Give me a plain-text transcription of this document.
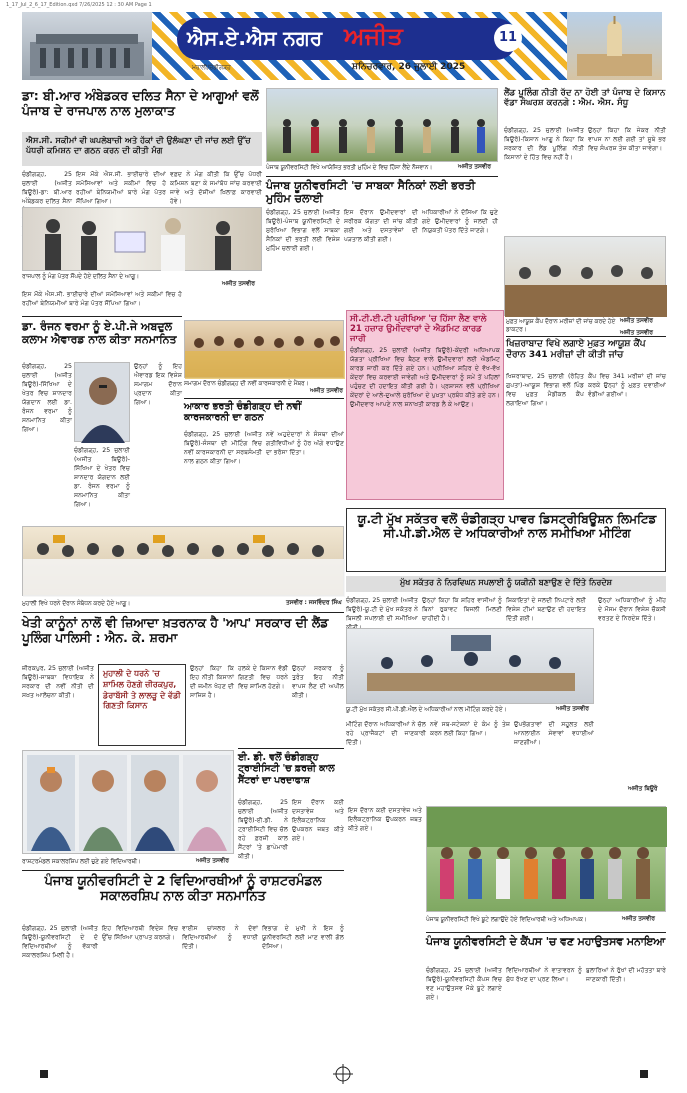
1_17_Jul_2_6_17_Edition.qxd 7/26/2025 12 : 30 AM Page 1
ਐਸ.ਏ.ਐਸ ਨਗਰ ਅਜੀਤ	11
ਮਹਾਲੀ/ਚੰਡੀਗੜ੍ਹ	ਸ਼ਨਿਚਰਵਾਰ, 26 ਜੁਲਾਈ 2025
ਡਾ: ਬੀ.ਆਰ ਅੰਬੇਡਕਰ ਦਲਿਤ ਸੈਨਾ ਦੇ ਆਗੂਆਂ ਵਲੋਂ ਪੰਜਾਬ ਦੇ ਰਾਜਪਾਲ ਨਾਲ ਮੁਲਾਕਾਤ
ਐਸ.ਸੀ. ਸਕੀਮਾਂ ਵੀ ਘਪਲੇਬਾਜ਼ੀ ਅਤੇ ਹੱਕਾਂ ਦੀ ਉਲੰਘਣਾ ਦੀ ਜਾਂਚ ਲਈ ਉੱਚ ਪੱਧਰੀ ਕਮਿਸ਼ਨ ਦਾ ਗਠਨ ਕਰਨ ਦੀ ਕੀਤੀ ਮੰਗ
ਚੰਡੀਗੜ੍ਹ, 25 ਜੁਲਾਈ (ਅਜੀਤ ਬਿਊਰੋ)-ਡਾ: ਬੀ.ਆਰ ਅੰਬੇਡਕਰ ਦਲਿਤ ਸੈਨਾ
ਇਸ ਮੌਕੇ ਐਸ.ਸੀ. ਭਾਈਚਾਰੇ ਦੀਆਂ ਸਮੱਸਿਆਵਾਂ ਅਤੇ ਸਕੀਮਾਂ ਵਿਚ ਹੋ ਰਹੀਆਂ ਬੇਨਿਯਮੀਆਂ ਬਾਰੇ ਮੰਗ ਪੱਤਰ ਸੌਂਪਿਆ ਗਿਆ।
ਵਫ਼ਦ ਨੇ ਮੰਗ ਕੀਤੀ ਕਿ ਉੱਚ ਪੱਧਰੀ ਕਮਿਸ਼ਨ ਬਣਾ ਕੇ ਸਮਾਂਬੱਧ ਜਾਂਚ ਕਰਵਾਈ ਜਾਵੇ ਅਤੇ ਦੋਸ਼ੀਆਂ ਖ਼ਿਲਾਫ਼ ਕਾਰਵਾਈ ਹੋਵੇ।
ਰਾਜਪਾਲ ਨੂੰ ਮੰਗ ਪੱਤਰ ਸੌਂਪਦੇ ਹੋਏ ਦਲਿਤ ਸੈਨਾ ਦੇ ਆਗੂ।
ਅਜੀਤ ਤਸਵੀਰ
ਇਸ ਮੌਕੇ ਐਸ.ਸੀ. ਭਾਈਚਾਰੇ ਦੀਆਂ ਸਮੱਸਿਆਵਾਂ ਅਤੇ ਸਕੀਮਾਂ ਵਿਚ ਹੋ ਰਹੀਆਂ ਬੇਨਿਯਮੀਆਂ ਬਾਰੇ ਮੰਗ ਪੱਤਰ ਸੌਂਪਿਆ ਗਿਆ।
ਡਾ. ਰੰਜਨ ਵਰਮਾ ਨੂੰ ਏ.ਪੀ.ਜੇ ਅਬਦੁਲ ਕਲਾਮ ਐਵਾਰਡ ਨਾਲ ਕੀਤਾ ਸਨਮਾਨਿਤ
ਚੰਡੀਗੜ੍ਹ, 25 ਜੁਲਾਈ (ਅਜੀਤ ਬਿਊਰੋ)-ਸਿੱਖਿਆ ਦੇ ਖੇਤਰ ਵਿਚ ਸ਼ਾਨਦਾਰ ਯੋਗਦਾਨ ਲਈ ਡਾ. ਰੰਜਨ ਵਰਮਾ ਨੂੰ ਸਨਮਾਨਿਤ ਕੀਤਾ ਗਿਆ।
ਉਨ੍ਹਾਂ ਨੂੰ ਇਹ ਐਵਾਰਡ ਇਕ ਵਿਸ਼ੇਸ਼ ਸਮਾਗਮ ਦੌਰਾਨ ਪ੍ਰਦਾਨ ਕੀਤਾ ਗਿਆ।
ਚੰਡੀਗੜ੍ਹ, 25 ਜੁਲਾਈ (ਅਜੀਤ ਬਿਊਰੋ)-ਸਿੱਖਿਆ ਦੇ ਖੇਤਰ ਵਿਚ ਸ਼ਾਨਦਾਰ ਯੋਗਦਾਨ ਲਈ ਡਾ. ਰੰਜਨ ਵਰਮਾ ਨੂੰ ਸਨਮਾਨਿਤ ਕੀਤਾ ਗਿਆ।
ਪੰਜਾਬ ਯੂਨੀਵਰਸਿਟੀ ਵਿਖੇ ਆਯੋਜਿਤ ਭਰਤੀ ਮੁਹਿੰਮ ਦੇ ਵਿਚ ਹਿੱਸਾ ਲੈਂਦੇ ਨੌਜਵਾਨ।	ਅਜੀਤ ਤਸਵੀਰ
ਪੰਜਾਬ ਯੂਨੀਵਰਸਿਟੀ 'ਚ ਸਾਬਕਾ ਸੈਨਿਕਾਂ ਲਈ ਭਰਤੀ ਮੁਹਿੰਮ ਚਲਾਈ
ਚੰਡੀਗੜ੍ਹ, 25 ਜੁਲਾਈ (ਅਜੀਤ ਬਿਊਰੋ)-ਪੰਜਾਬ ਯੂਨੀਵਰਸਿਟੀ ਦੇ ਸੁਰੱਖਿਆ ਵਿਭਾਗ ਵਲੋਂ ਸਾਬਕਾ ਸੈਨਿਕਾਂ ਦੀ ਭਰਤੀ ਲਈ ਵਿਸ਼ੇਸ਼ ਮੁਹਿੰਮ ਚਲਾਈ ਗਈ।
ਇਸ ਦੌਰਾਨ ਉਮੀਦਵਾਰਾਂ ਦੀ ਸਰੀਰਕ ਯੋਗਤਾ ਦੀ ਜਾਂਚ ਕੀਤੀ ਗਈ ਅਤੇ ਦਸਤਾਵੇਜ਼ਾਂ ਦੀ ਪੜਤਾਲ ਕੀਤੀ ਗਈ।
ਅਧਿਕਾਰੀਆਂ ਨੇ ਦੱਸਿਆ ਕਿ ਚੁਣੇ ਗਏ ਉਮੀਦਵਾਰਾਂ ਨੂੰ ਜਲਦੀ ਹੀ ਨਿਯੁਕਤੀ ਪੱਤਰ ਦਿੱਤੇ ਜਾਣਗੇ।
ਸਮਾਗਮ ਦੌਰਾਨ ਚੰਡੀਗੜ੍ਹ ਦੀ ਨਵੀਂ ਕਾਰਜਕਾਰਨੀ ਦੇ ਮੈਂਬਰ।
ਅਜੀਤ ਤਸਵੀਰ
ਆਕਾਰ ਭਰਤੀ ਚੰਡੀਗੜ੍ਹ ਦੀ ਨਵੀਂ ਕਾਰਜਕਾਰਨੀ ਦਾ ਗਠਨ
ਚੰਡੀਗੜ੍ਹ, 25 ਜੁਲਾਈ (ਅਜੀਤ ਬਿਊਰੋ)-ਸੰਸਥਾ ਦੀ ਮੀਟਿੰਗ ਵਿਚ ਨਵੀਂ ਕਾਰਜਕਾਰਨੀ ਦਾ ਸਰਬਸੰਮਤੀ ਨਾਲ ਗਠਨ ਕੀਤਾ ਗਿਆ।
ਨਵੇਂ ਅਹੁਦੇਦਾਰਾਂ ਨੇ ਸੰਸਥਾ ਦੀਆਂ ਗਤੀਵਿਧੀਆਂ ਨੂੰ ਹੋਰ ਅੱਗੇ ਵਧਾਉਣ ਦਾ ਭਰੋਸਾ ਦਿੱਤਾ।
ਸੀ.ਟੀ.ਈ.ਟੀ ਪ੍ਰੀਖਿਆ 'ਚ ਹਿੱਸਾ ਲੈਣ ਵਾਲੇ 21 ਹਜ਼ਾਰ ਉਮੀਦਵਾਰਾਂ ਦੇ ਐਡਮਿਟ ਕਾਰਡ ਜਾਰੀ
ਚੰਡੀਗੜ੍ਹ, 25 ਜੁਲਾਈ (ਅਜੀਤ ਬਿਊਰੋ)-ਕੇਂਦਰੀ ਅਧਿਆਪਕ ਯੋਗਤਾ ਪ੍ਰੀਖਿਆ ਵਿਚ ਬੈਠਣ ਵਾਲੇ ਉਮੀਦਵਾਰਾਂ ਲਈ ਐਡਮਿਟ ਕਾਰਡ ਜਾਰੀ ਕਰ ਦਿੱਤੇ ਗਏ ਹਨ। ਪ੍ਰੀਖਿਆ ਸ਼ਹਿਰ ਦੇ ਵੱਖ-ਵੱਖ ਕੇਂਦਰਾਂ ਵਿਚ ਕਰਵਾਈ ਜਾਵੇਗੀ ਅਤੇ ਉਮੀਦਵਾਰਾਂ ਨੂੰ ਸਮੇਂ ਤੋਂ ਪਹਿਲਾਂ ਪਹੁੰਚਣ ਦੀ ਹਦਾਇਤ ਕੀਤੀ ਗਈ ਹੈ। ਪ੍ਰਸ਼ਾਸਨ ਵਲੋਂ ਪ੍ਰੀਖਿਆ ਕੇਂਦਰਾਂ ਦੇ ਆਲੇ-ਦੁਆਲੇ ਸੁਰੱਖਿਆ ਦੇ ਪੁਖ਼ਤਾ ਪ੍ਰਬੰਧ ਕੀਤੇ ਗਏ ਹਨ। ਉਮੀਦਵਾਰ ਆਪਣੇ ਨਾਲ ਸ਼ਨਾਖ਼ਤੀ ਕਾਰਡ ਲੈ ਕੇ ਆਉਣ।
ਲੈਂਡ ਪੂਲਿੰਗ ਨੀਤੀ ਰੱਦ ਨਾ ਹੋਈ ਤਾਂ ਪੰਜਾਬ ਦੇ ਕਿਸਾਨ ਵੱਡਾ ਸੰਘਰਸ਼ ਕਰਨਗੇ : ਐਮ. ਐਸ. ਸੰਧੂ
ਚੰਡੀਗੜ੍ਹ, 25 ਜੁਲਾਈ (ਅਜੀਤ ਬਿਊਰੋ)-ਕਿਸਾਨ ਆਗੂ ਨੇ ਕਿਹਾ ਕਿ ਸਰਕਾਰ ਦੀ ਲੈਂਡ ਪੂਲਿੰਗ ਨੀਤੀ ਕਿਸਾਨਾਂ ਦੇ ਹਿੱਤ ਵਿਚ ਨਹੀਂ ਹੈ।
ਉਨ੍ਹਾਂ ਕਿਹਾ ਕਿ ਜੇਕਰ ਨੀਤੀ ਵਾਪਸ ਨਾ ਲਈ ਗਈ ਤਾਂ ਸੂਬੇ ਭਰ ਵਿਚ ਸੰਘਰਸ਼ ਤੇਜ਼ ਕੀਤਾ ਜਾਵੇਗਾ।
ਅਜੀਤ ਤਸਵੀਰ
ਮੁਫ਼ਤ ਆਯੂਸ਼ ਕੈਂਪ ਦੌਰਾਨ ਮਰੀਜ਼ਾਂ ਦੀ ਜਾਂਚ ਕਰਦੇ ਹੋਏ ਡਾਕਟਰ।	ਅਜੀਤ ਤਸਵੀਰ
ਖਿਜ਼ਰਾਬਾਦ ਵਿਖੇ ਲਗਾਏ ਮੁਫ਼ਤ ਆਯੂਸ਼ ਕੈਂਪ ਦੌਰਾਨ 341 ਮਰੀਜ਼ਾਂ ਦੀ ਕੀਤੀ ਜਾਂਚ
ਖਿਜ਼ਰਾਬਾਦ, 25 ਜੁਲਾਈ (ਰੋਹਿਤ ਗੁਪਤਾ)-ਆਯੂਸ਼ ਵਿਭਾਗ ਵਲੋਂ ਪਿੰਡ ਵਿਚ ਮੁਫ਼ਤ ਮੈਡੀਕਲ ਕੈਂਪ ਲਗਾਇਆ ਗਿਆ।
ਕੈਂਪ ਵਿਚ 341 ਮਰੀਜ਼ਾਂ ਦੀ ਜਾਂਚ ਕਰਕੇ ਉਨ੍ਹਾਂ ਨੂੰ ਮੁਫ਼ਤ ਦਵਾਈਆਂ ਵੰਡੀਆਂ ਗਈਆਂ।
ਮੁਹਾਲੀ ਵਿਖੇ ਧਰਨੇ ਦੌਰਾਨ ਸੰਬੋਧਨ ਕਰਦੇ ਹੋਏ ਆਗੂ।	ਤਸਵੀਰ : ਜਸਵਿੰਦਰ ਸਿੰਘ
ਯੂ.ਟੀ ਮੁੱਖ ਸਕੱਤਰ ਵਲੋਂ ਚੰਡੀਗੜ੍ਹ ਪਾਵਰ ਡਿਸਟ੍ਰੀਬਿਊਸ਼ਨ ਲਿਮਟਿਡ ਸੀ.ਪੀ.ਡੀ.ਐਲ ਦੇ ਅਧਿਕਾਰੀਆਂ ਨਾਲ ਸਮੀਖਿਆ ਮੀਟਿੰਗ
ਮੁੱਖ ਸਕੱਤਰ ਨੇ ਨਿਰਵਿਘਨ ਸਪਲਾਈ ਨੂੰ ਯਕੀਨੀ ਬਣਾਉਣ ਦੇ ਦਿੱਤੇ ਨਿਰਦੇਸ਼
ਚੰਡੀਗੜ੍ਹ, 25 ਜੁਲਾਈ (ਅਜੀਤ ਬਿਊਰੋ)-ਯੂ.ਟੀ ਦੇ ਮੁੱਖ ਸਕੱਤਰ ਨੇ ਬਿਜਲੀ ਸਪਲਾਈ ਦੀ ਸਮੀਖਿਆ
ਉਨ੍ਹਾਂ ਕਿਹਾ ਕਿ ਸ਼ਹਿਰ ਵਾਸੀਆਂ ਨੂੰ ਬਿਨਾਂ ਰੁਕਾਵਟ ਬਿਜਲੀ ਮਿਲਣੀ ਚਾਹੀਦੀ ਹੈ।
ਸ਼ਿਕਾਇਤਾਂ ਦੇ ਜਲਦੀ ਨਿਪਟਾਰੇ ਲਈ ਵਿਸ਼ੇਸ਼ ਟੀਮਾਂ ਬਣਾਉਣ ਦੀ ਹਦਾਇਤ ਦਿੱਤੀ ਗਈ।
ਉਨ੍ਹਾਂ ਅਧਿਕਾਰੀਆਂ ਨੂੰ ਮੀਂਹ ਦੇ ਮੌਸਮ ਦੌਰਾਨ ਵਿਸ਼ੇਸ਼ ਚੌਕਸੀ ਵਰਤਣ ਦੇ ਨਿਰਦੇਸ਼ ਦਿੱਤੇ।
ਯੂ.ਟੀ ਮੁੱਖ ਸਕੱਤਰ ਸੀ.ਪੀ.ਡੀ.ਐਲ ਦੇ ਅਧਿਕਾਰੀਆਂ ਨਾਲ ਮੀਟਿੰਗ ਕਰਦੇ ਹੋਏ।	ਅਜੀਤ ਤਸਵੀਰ
ਮੀਟਿੰਗ ਦੌਰਾਨ ਅਧਿਕਾਰੀਆਂ ਨੇ ਚੱਲ ਰਹੇ ਪ੍ਰਾਜੈਕਟਾਂ ਦੀ ਜਾਣਕਾਰੀ ਦਿੱਤੀ।
ਨਵੇਂ ਸਬ-ਸਟੇਸ਼ਨਾਂ ਦੇ ਕੰਮ ਨੂੰ ਤੇਜ਼ ਕਰਨ ਲਈ ਕਿਹਾ ਗਿਆ।
ਉਪਭੋਗਤਾਵਾਂ ਦੀ ਸਹੂਲਤ ਲਈ ਆਨਲਾਈਨ ਸੇਵਾਵਾਂ ਵਧਾਈਆਂ ਜਾਣਗੀਆਂ।
ਅਜੀਤ ਬਿਊਰੋ
ਖੇਤੀ ਕਾਨੂੰਨਾਂ ਨਾਲੋਂ ਵੀ ਜ਼ਿਆਦਾ ਖ਼ਤਰਨਾਕ ਹੈ 'ਆਪ' ਸਰਕਾਰ ਦੀ ਲੈਂਡ ਪੂਲਿੰਗ ਪਾਲਿਸੀ : ਐਨ. ਕੇ. ਸ਼ਰਮਾ
ਜ਼ੀਰਕਪੁਰ, 25 ਜੁਲਾਈ (ਅਜੀਤ ਬਿਊਰੋ)-ਸਾਬਕਾ ਵਿਧਾਇਕ ਨੇ ਸਰਕਾਰ ਦੀ ਨਵੀਂ ਨੀਤੀ ਦੀ ਸਖ਼ਤ ਆਲੋਚਨਾ ਕੀਤੀ।
ਮੁਹਾਲੀ ਦੇ ਧਰਨੇ 'ਚ ਸ਼ਾਮਿਲ ਹੋਣਗੇ ਜ਼ੀਰਕਪੁਰ, ਡੇਰਾਬੱਸੀ ਤੇ ਲਾਲੜੂ ਦੇ ਵੱਡੀ ਗਿਣਤੀ ਕਿਸਾਨ
ਉਨ੍ਹਾਂ ਕਿਹਾ ਕਿ ਇਹ ਨੀਤੀ ਕਿਸਾਨਾਂ ਦੀ ਜ਼ਮੀਨ ਖੋਹਣ ਦੀ ਸਾਜ਼ਿਸ਼ ਹੈ।
ਹਲਕੇ ਦੇ ਕਿਸਾਨ ਵੱਡੀ ਗਿਣਤੀ ਵਿਚ ਧਰਨੇ ਵਿਚ ਸ਼ਾਮਿਲ ਹੋਣਗੇ।
ਉਨ੍ਹਾਂ ਸਰਕਾਰ ਨੂੰ ਤੁਰੰਤ ਇਹ ਨੀਤੀ ਵਾਪਸ ਲੈਣ ਦੀ ਅਪੀਲ ਕੀਤੀ।
ਈ. ਡੀ. ਵਲੋਂ ਚੰਡੀਗੜ੍ਹ ਟ੍ਰਾਈਸਿਟੀ 'ਚ ਫ਼ਰਜ਼ੀ ਕਾਲ ਸੈਂਟਰਾਂ ਦਾ ਪਰਦਾਫਾਸ਼
ਚੰਡੀਗੜ੍ਹ, 25 ਜੁਲਾਈ (ਅਜੀਤ ਬਿਊਰੋ)-ਈ.ਡੀ. ਨੇ ਟ੍ਰਾਈਸਿਟੀ ਵਿਚ ਚੱਲ ਰਹੇ ਫ਼ਰਜ਼ੀ ਕਾਲ ਸੈਂਟਰਾਂ 'ਤੇ ਛਾਪੇਮਾਰੀ ਕੀਤੀ।
ਇਸ ਦੌਰਾਨ ਕਈ ਦਸਤਾਵੇਜ਼ ਅਤੇ ਇਲੈਕਟ੍ਰਾਨਿਕ ਉਪਕਰਨ ਜ਼ਬਤ ਕੀਤੇ ਗਏ।
ਰਾਸ਼ਟਰਮੰਡਲ ਸਕਾਲਰਸ਼ਿਪ ਲਈ ਚੁਣੇ ਗਏ ਵਿਦਿਆਰਥੀ।	ਅਜੀਤ ਤਸਵੀਰ
ਪੰਜਾਬ ਯੂਨੀਵਰਸਿਟੀ ਦੇ 2 ਵਿਦਿਆਰਥੀਆਂ ਨੂੰ ਰਾਸ਼ਟਰਮੰਡਲ ਸਕਾਲਰਸ਼ਿਪ ਨਾਲ ਕੀਤਾ ਸਨਮਾਨਿਤ
ਚੰਡੀਗੜ੍ਹ, 25 ਜੁਲਾਈ (ਅਜੀਤ ਬਿਊਰੋ)-ਯੂਨੀਵਰਸਿਟੀ ਦੇ ਦੋ ਵਿਦਿਆਰਥੀਆਂ ਨੂੰ ਵੱਕਾਰੀ ਸਕਾਲਰਸ਼ਿਪ ਮਿਲੀ ਹੈ।
ਇਹ ਵਿਦਿਆਰਥੀ ਵਿਦੇਸ਼ ਵਿਚ ਉੱਚ ਸਿੱਖਿਆ ਪ੍ਰਾਪਤ ਕਰਨਗੇ।
ਵਾਈਸ ਚਾਂਸਲਰ ਨੇ ਦੋਵਾਂ ਵਿਦਿਆਰਥੀਆਂ ਨੂੰ ਵਧਾਈ ਦਿੱਤੀ।
ਵਿਭਾਗ ਦੇ ਮੁਖੀ ਨੇ ਇਸ ਨੂੰ ਯੂਨੀਵਰਸਿਟੀ ਲਈ ਮਾਣ ਵਾਲੀ ਗੱਲ ਦੱਸਿਆ।
ਪੰਜਾਬ ਯੂਨੀਵਰਸਿਟੀ ਵਿਖੇ ਬੂਟੇ ਲਗਾਉਂਦੇ ਹੋਏ ਵਿਦਿਆਰਥੀ ਅਤੇ ਅਧਿਆਪਕ।	ਅਜੀਤ ਤਸਵੀਰ
ਪੰਜਾਬ ਯੂਨੀਵਰਸਿਟੀ ਦੇ ਕੈਂਪਸ 'ਚ ਵਣ ਮਹਾਉਤਸਵ ਮਨਾਇਆ
ਚੰਡੀਗੜ੍ਹ, 25 ਜੁਲਾਈ (ਅਜੀਤ ਬਿਊਰੋ)-ਯੂਨੀਵਰਸਿਟੀ ਕੈਂਪਸ ਵਿਚ ਵਣ ਮਹਾਉਤਸਵ ਮੌਕੇ ਬੂਟੇ ਲਗਾਏ ਗਏ।
ਵਿਦਿਆਰਥੀਆਂ ਨੇ ਵਾਤਾਵਰਨ ਨੂੰ ਸ਼ੁੱਧ ਰੱਖਣ ਦਾ ਪ੍ਰਣ ਲਿਆ।
ਬੁਲਾਰਿਆਂ ਨੇ ਰੁੱਖਾਂ ਦੀ ਮਹੱਤਤਾ ਬਾਰੇ ਜਾਣਕਾਰੀ ਦਿੱਤੀ।
ਇਸ ਦੌਰਾਨ ਕਈ ਦਸਤਾਵੇਜ਼ ਅਤੇ ਇਲੈਕਟ੍ਰਾਨਿਕ ਉਪਕਰਨ ਜ਼ਬਤ ਕੀਤੇ ਗਏ।
